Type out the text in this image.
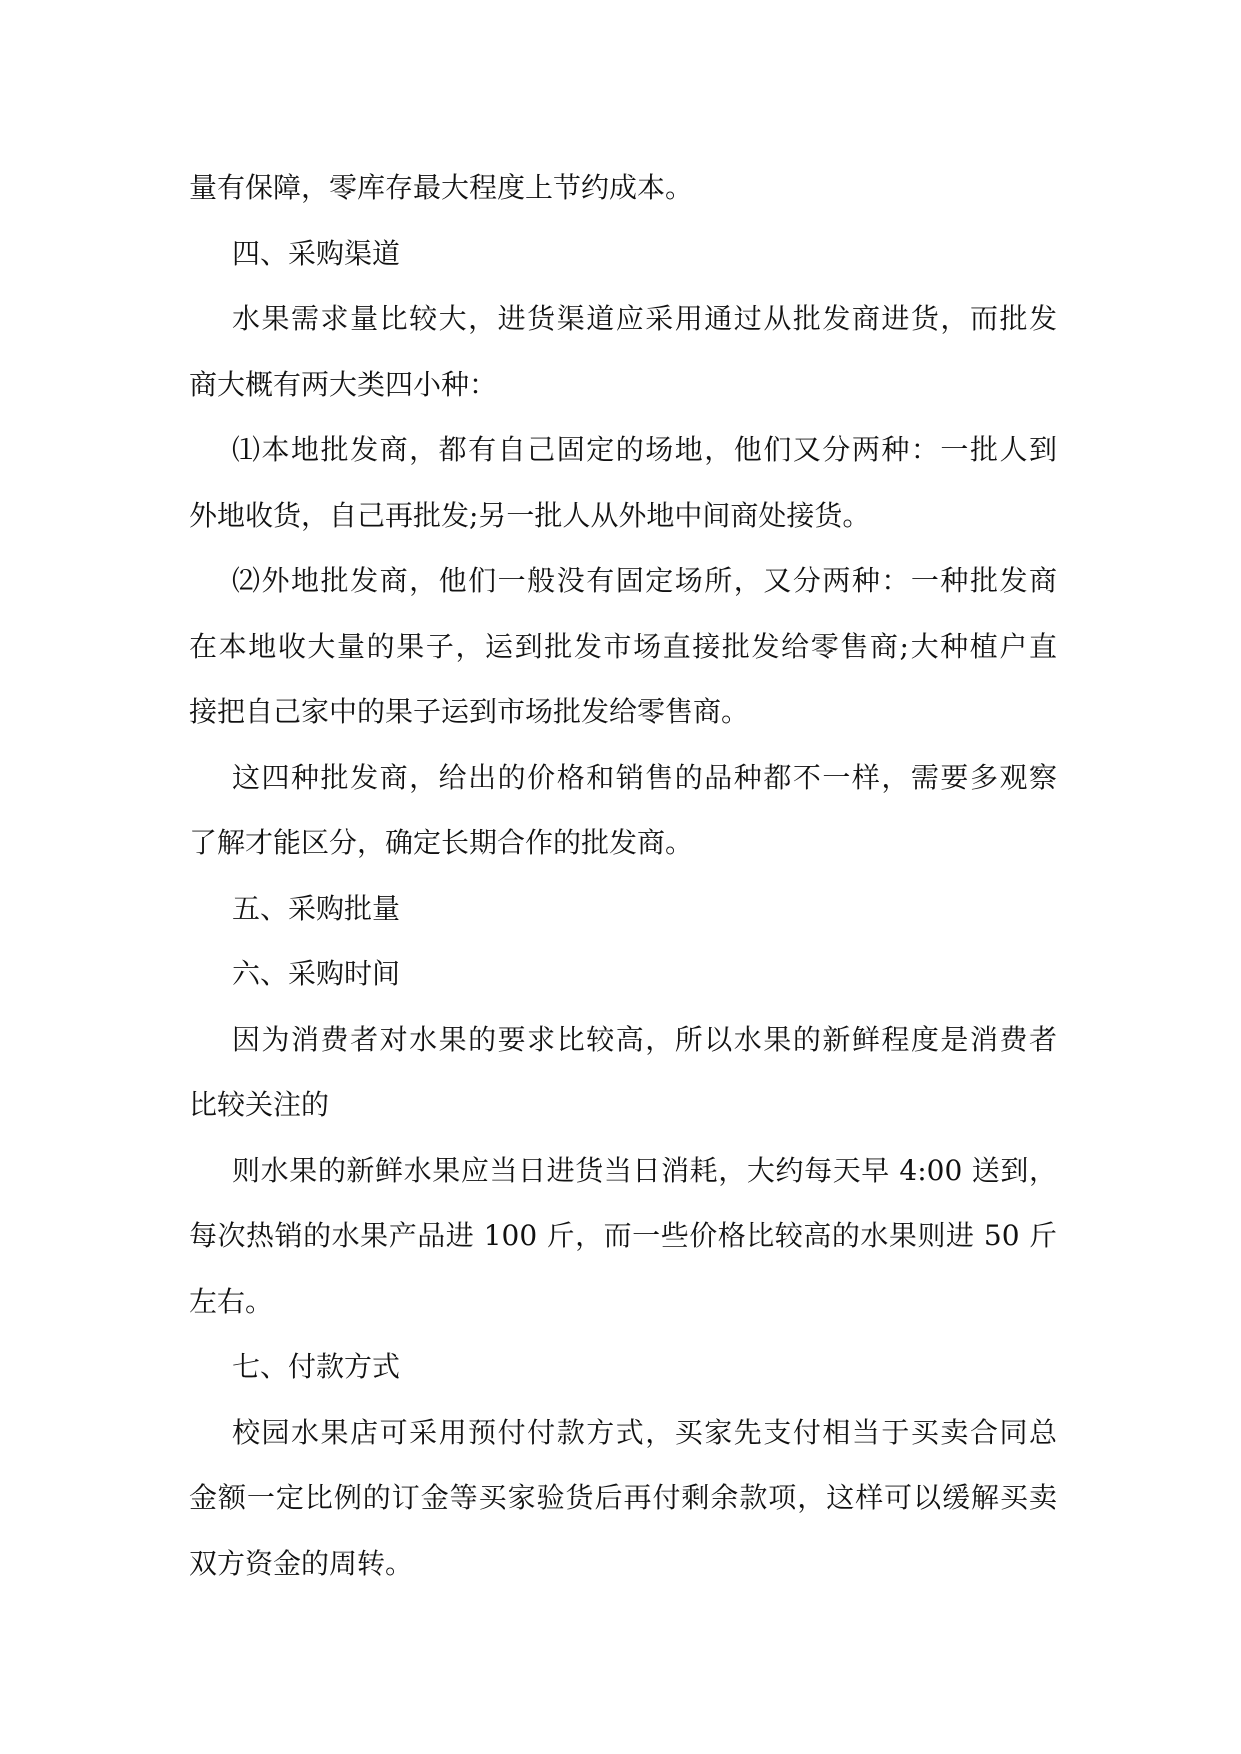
量有保障，零库存最大程度上节约成本。
四、采购渠道
水果需求量比较大，进货渠道应采用通过从批发商进货，而批发
商大概有两大类四小种：
⑴本地批发商，都有自己固定的场地，他们又分两种：一批人到
外地收货，自己再批发;另一批人从外地中间商处接货。
⑵外地批发商，他们一般没有固定场所，又分两种：一种批发商
在本地收大量的果子，运到批发市场直接批发给零售商;大种植户直
接把自己家中的果子运到市场批发给零售商。
这四种批发商，给出的价格和销售的品种都不一样，需要多观察
了解才能区分，确定长期合作的批发商。
五、采购批量
六、采购时间
因为消费者对水果的要求比较高，所以水果的新鲜程度是消费者
比较关注的
则水果的新鲜水果应当日进货当日消耗，大约每天早 4:00 送到，
每次热销的水果产品进 100 斤，而一些价格比较高的水果则进 50 斤
左右。
七、付款方式
校园水果店可采用预付付款方式，买家先支付相当于买卖合同总
金额一定比例的订金等买家验货后再付剩余款项，这样可以缓解买卖
双方资金的周转。
